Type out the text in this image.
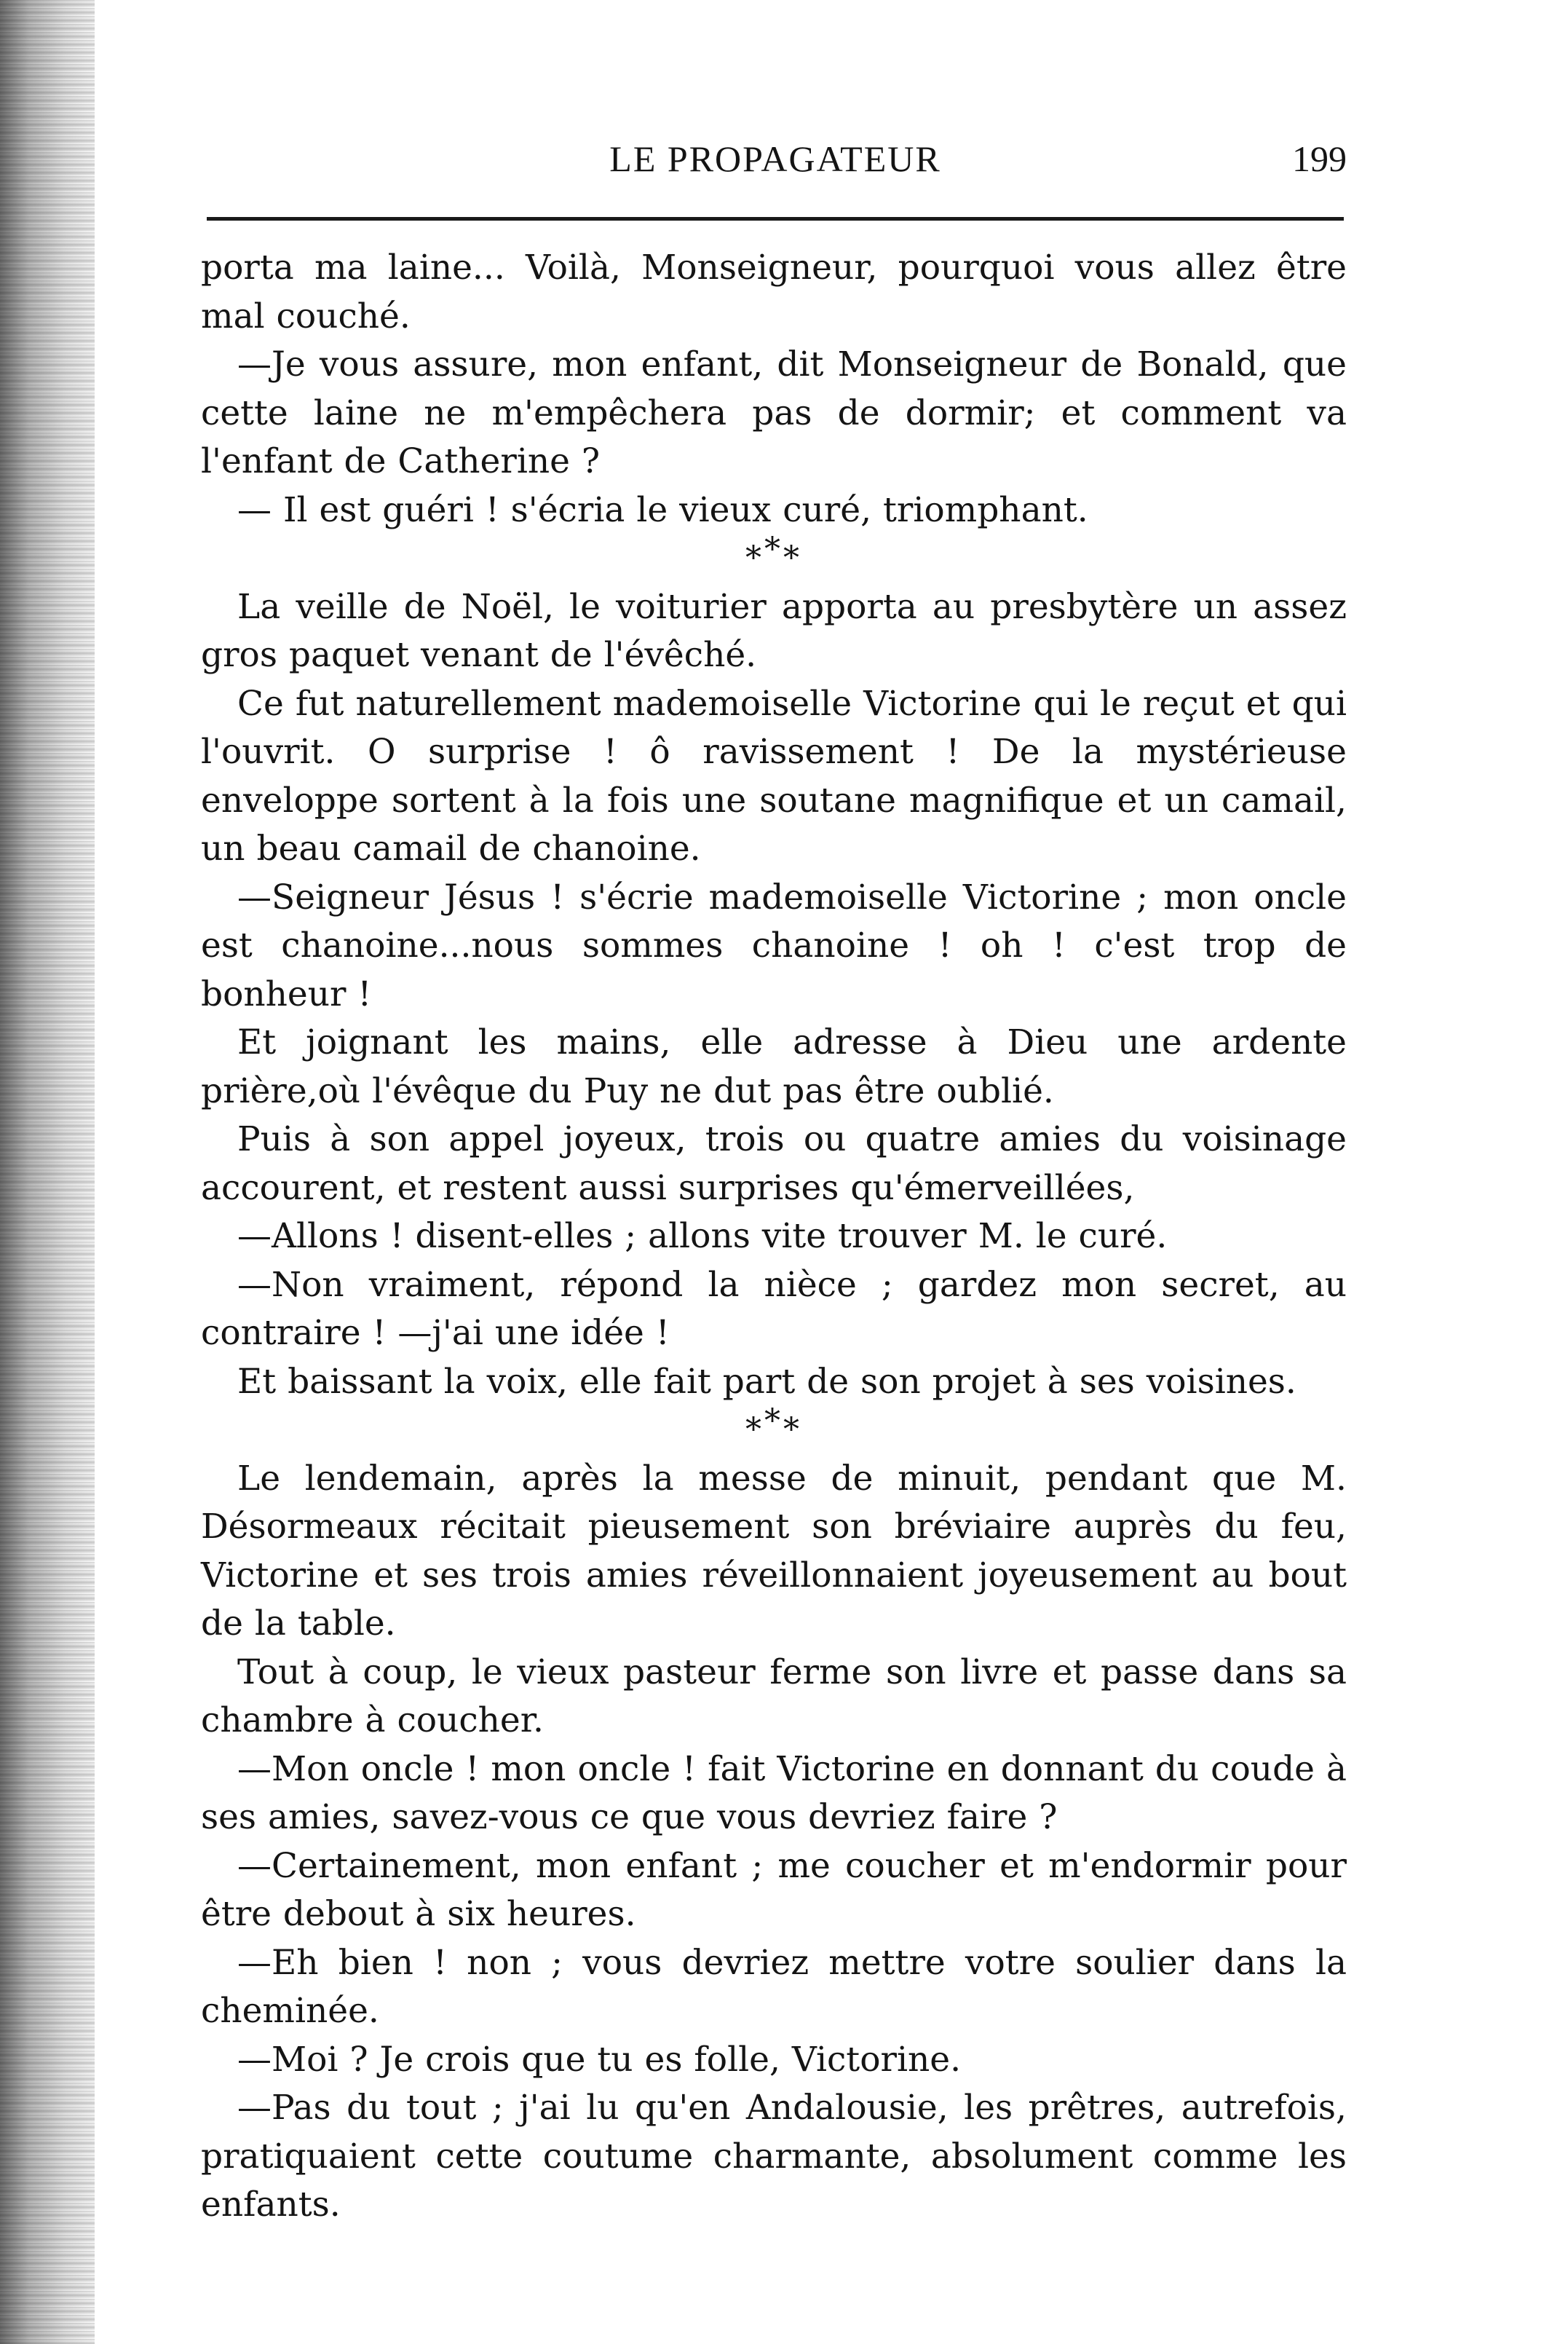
LE PROPAGATEUR	199

porta ma laine... Voilà, Monseigneur, pourquoi vous allez être mal couché.

—Je vous assure, mon enfant, dit Monseigneur de Bonald, que cette laine ne m'empêchera pas de dormir; et comment va l'enfant de Catherine ?

— Il est guéri ! s'écria le vieux curé, triomphant.

***

La veille de Noël, le voiturier apporta au presbytère un assez gros paquet venant de l'évêché.

Ce fut naturellement mademoiselle Victorine qui le reçut et qui l'ouvrit. O surprise ! ô ravissement ! De la mystérieuse enveloppe sortent à la fois une soutane magnifique et un camail, un beau camail de chanoine.

—Seigneur Jésus ! s'écrie mademoiselle Victorine ; mon oncle est chanoine...nous sommes chanoine ! oh ! c'est trop de bonheur !

Et joignant les mains, elle adresse à Dieu une ardente prière,où l'évêque du Puy ne dut pas être oublié.

Puis à son appel joyeux, trois ou quatre amies du voisinage accourent, et restent aussi surprises qu'émerveillées,

—Allons ! disent-elles ; allons vite trouver M. le curé.

—Non vraiment, répond la nièce ; gardez mon secret, au contraire ! —j'ai une idée !

Et baissant la voix, elle fait part de son projet à ses voisines.

***

Le lendemain, après la messe de minuit, pendant que M. Désormeaux récitait pieusement son bréviaire auprès du feu, Victorine et ses trois amies réveillonnaient joyeusement au bout de la table.

Tout à coup, le vieux pasteur ferme son livre et passe dans sa chambre à coucher.

—Mon oncle ! mon oncle ! fait Victorine en donnant du coude à ses amies, savez-vous ce que vous devriez faire ?

—Certainement, mon enfant ; me coucher et m'endormir pour être debout à six heures.

—Eh bien ! non ; vous devriez mettre votre soulier dans la cheminée.

—Moi ? Je crois que tu es folle, Victorine.

—Pas du tout ; j'ai lu qu'en Andalousie, les prêtres, autrefois, pratiquaient cette coutume charmante, absolument comme les enfants.
